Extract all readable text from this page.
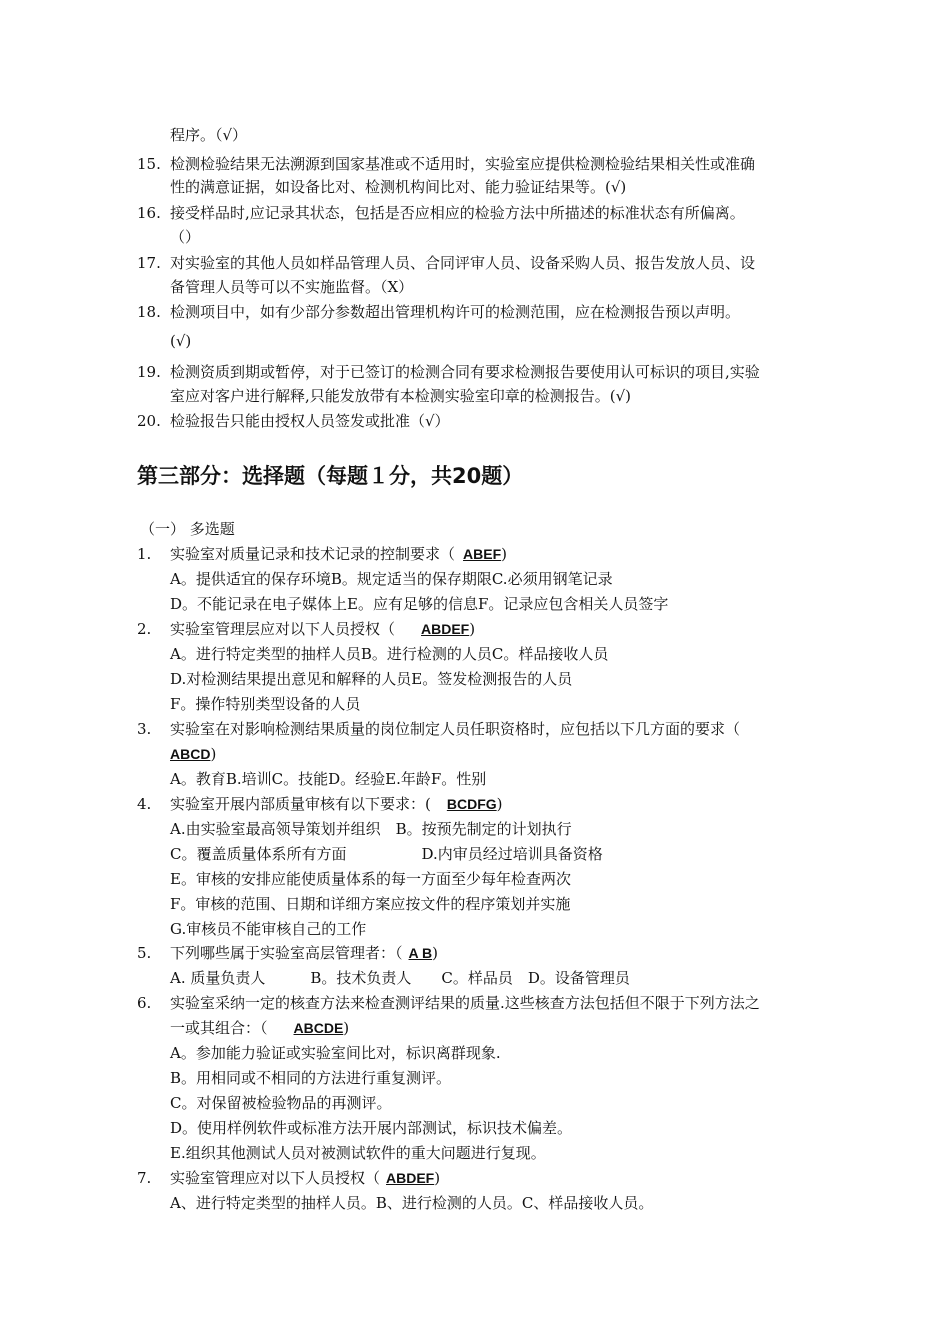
程序。（√）

15. 检测检验结果无法溯源到国家基准或不适用时，实验室应提供检测检验结果相关性或准确

性的满意证据，如设备比对、检测机构间比对、能力验证结果等。(√)

16. 接受样品时,应记录其状态，包括是否应相应的检验方法中所描述的标准状态有所偏离。

（）

17. 对实验室的其他人员如样品管理人员、合同评审人员、设备采购人员、报告发放人员、设

备管理人员等可以不实施监督。（X）

18. 检测项目中，如有少部分参数超出管理机构许可的检测范围，应在检测报告预以声明。

(√)

19. 检测资质到期或暂停，对于已签订的检测合同有要求检测报告要使用认可标识的项目,实验

室应对客户进行解释,只能发放带有本检测实验室印章的检测报告。(√)

20. 检验报告只能由授权人员签发或批准（√）

第三部分：选择题（每题１分，共20题）

（一） 多选题

1. 实验室对质量记录和技术记录的控制要求（ ABEF)

A。提供适宜的保存环境B。规定适当的保存期限C.必须用钢笔记录

D。不能记录在电子媒体上E。应有足够的信息F。记录应包含相关人员签字

2. 实验室管理层应对以下人员授权（ ABDEF)

A。进行特定类型的抽样人员B。进行检测的人员C。样品接收人员

D.对检测结果提出意见和解释的人员E。签发检测报告的人员

F。操作特别类型设备的人员

3. 实验室在对影响检测结果质量的岗位制定人员任职资格时，应包括以下几方面的要求（

ABCD)

A。教育B.培训C。技能D。经验E.年龄F。性别

4. 实验室开展内部质量审核有以下要求：( BCDFG)

A.由实验室最高领导策划并组织　B。按预先制定的计划执行

C。覆盖质量体系所有方面　　　　　D.内审员经过培训具备资格

E。审核的安排应能使质量体系的每一方面至少每年检查两次

F。审核的范围、日期和详细方案应按文件的程序策划并实施

G.审核员不能审核自己的工作

5. 下列哪些属于实验室高层管理者：（ A B)

A. 质量负责人　　　B。技术负责人　　C。样品员　D。设备管理员

6. 实验室采纳一定的核查方法来检查测评结果的质量.这些核查方法包括但不限于下列方法之

一或其组合：（ ABCDE)

A。参加能力验证或实验室间比对，标识离群现象.

B。用相同或不相同的方法进行重复测评。

C。对保留被检验物品的再测评。

D。使用样例软件或标准方法开展内部测试，标识技术偏差。

E.组织其他测试人员对被测试软件的重大问题进行复现。

7. 实验室管理应对以下人员授权（ ABDEF)

A、进行特定类型的抽样人员。B、进行检测的人员。C、样品接收人员。
